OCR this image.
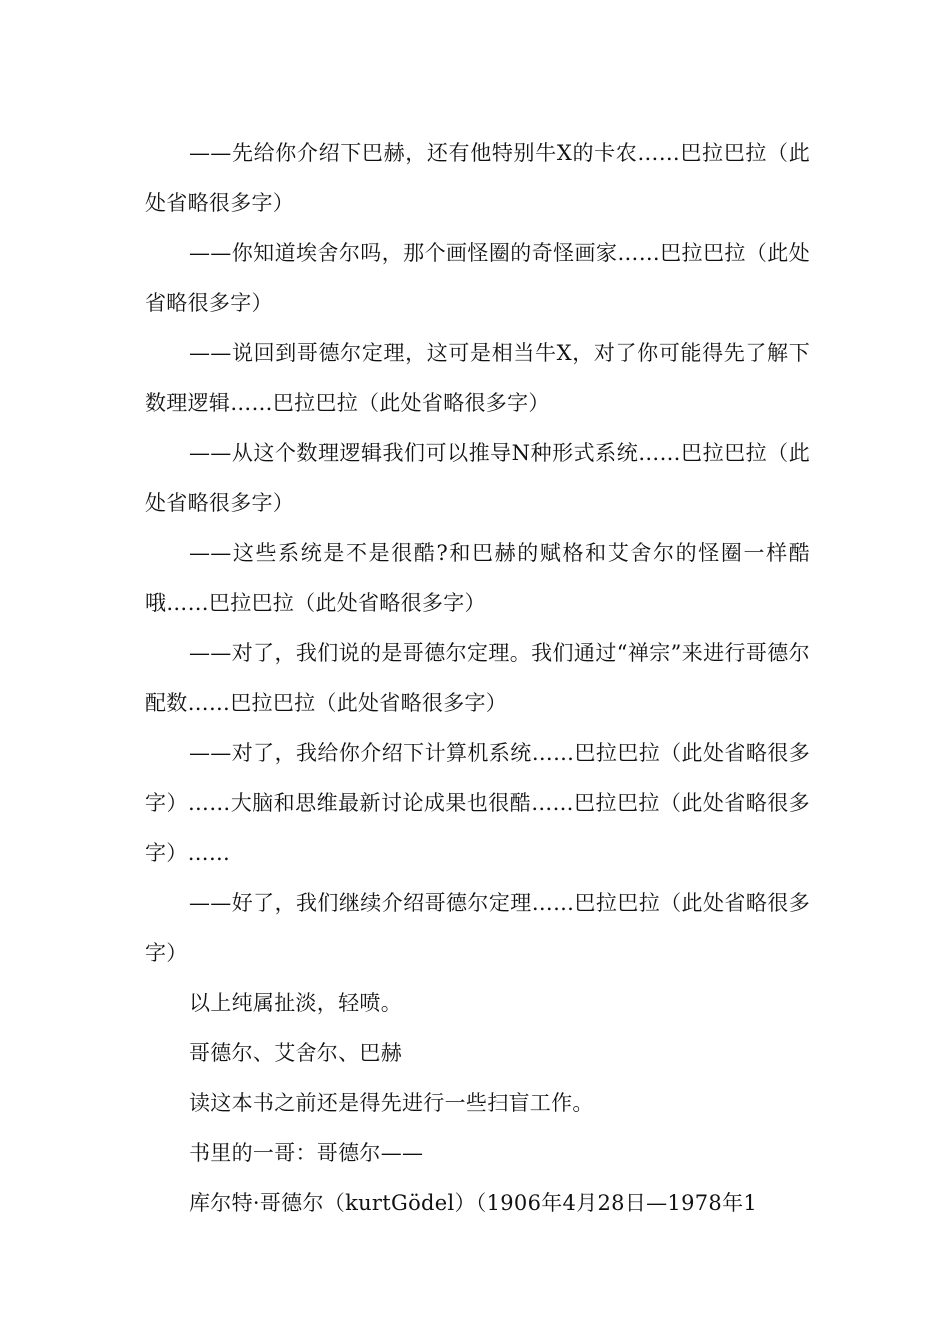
——先给你介绍下巴赫，还有他特别牛X的卡农……巴拉巴拉（此处省略很多字）

——你知道埃舍尔吗，那个画怪圈的奇怪画家……巴拉巴拉（此处省略很多字）

——说回到哥德尔定理，这可是相当牛X，对了你可能得先了解下数理逻辑……巴拉巴拉（此处省略很多字）

——从这个数理逻辑我们可以推导N种形式系统……巴拉巴拉（此处省略很多字）

——这些系统是不是很酷?和巴赫的赋格和艾舍尔的怪圈一样酷哦……巴拉巴拉（此处省略很多字）

——对了，我们说的是哥德尔定理。我们通过“禅宗”来进行哥德尔配数……巴拉巴拉（此处省略很多字）

——对了，我给你介绍下计算机系统……巴拉巴拉（此处省略很多字）……大脑和思维最新讨论成果也很酷……巴拉巴拉（此处省略很多字）……

——好了，我们继续介绍哥德尔定理……巴拉巴拉（此处省略很多字）

以上纯属扯淡，轻喷。

哥德尔、艾舍尔、巴赫

读这本书之前还是得先进行一些扫盲工作。

书里的一哥：哥德尔——

库尔特·哥德尔（kurtGödel）（1906年4月28日—1978年1
